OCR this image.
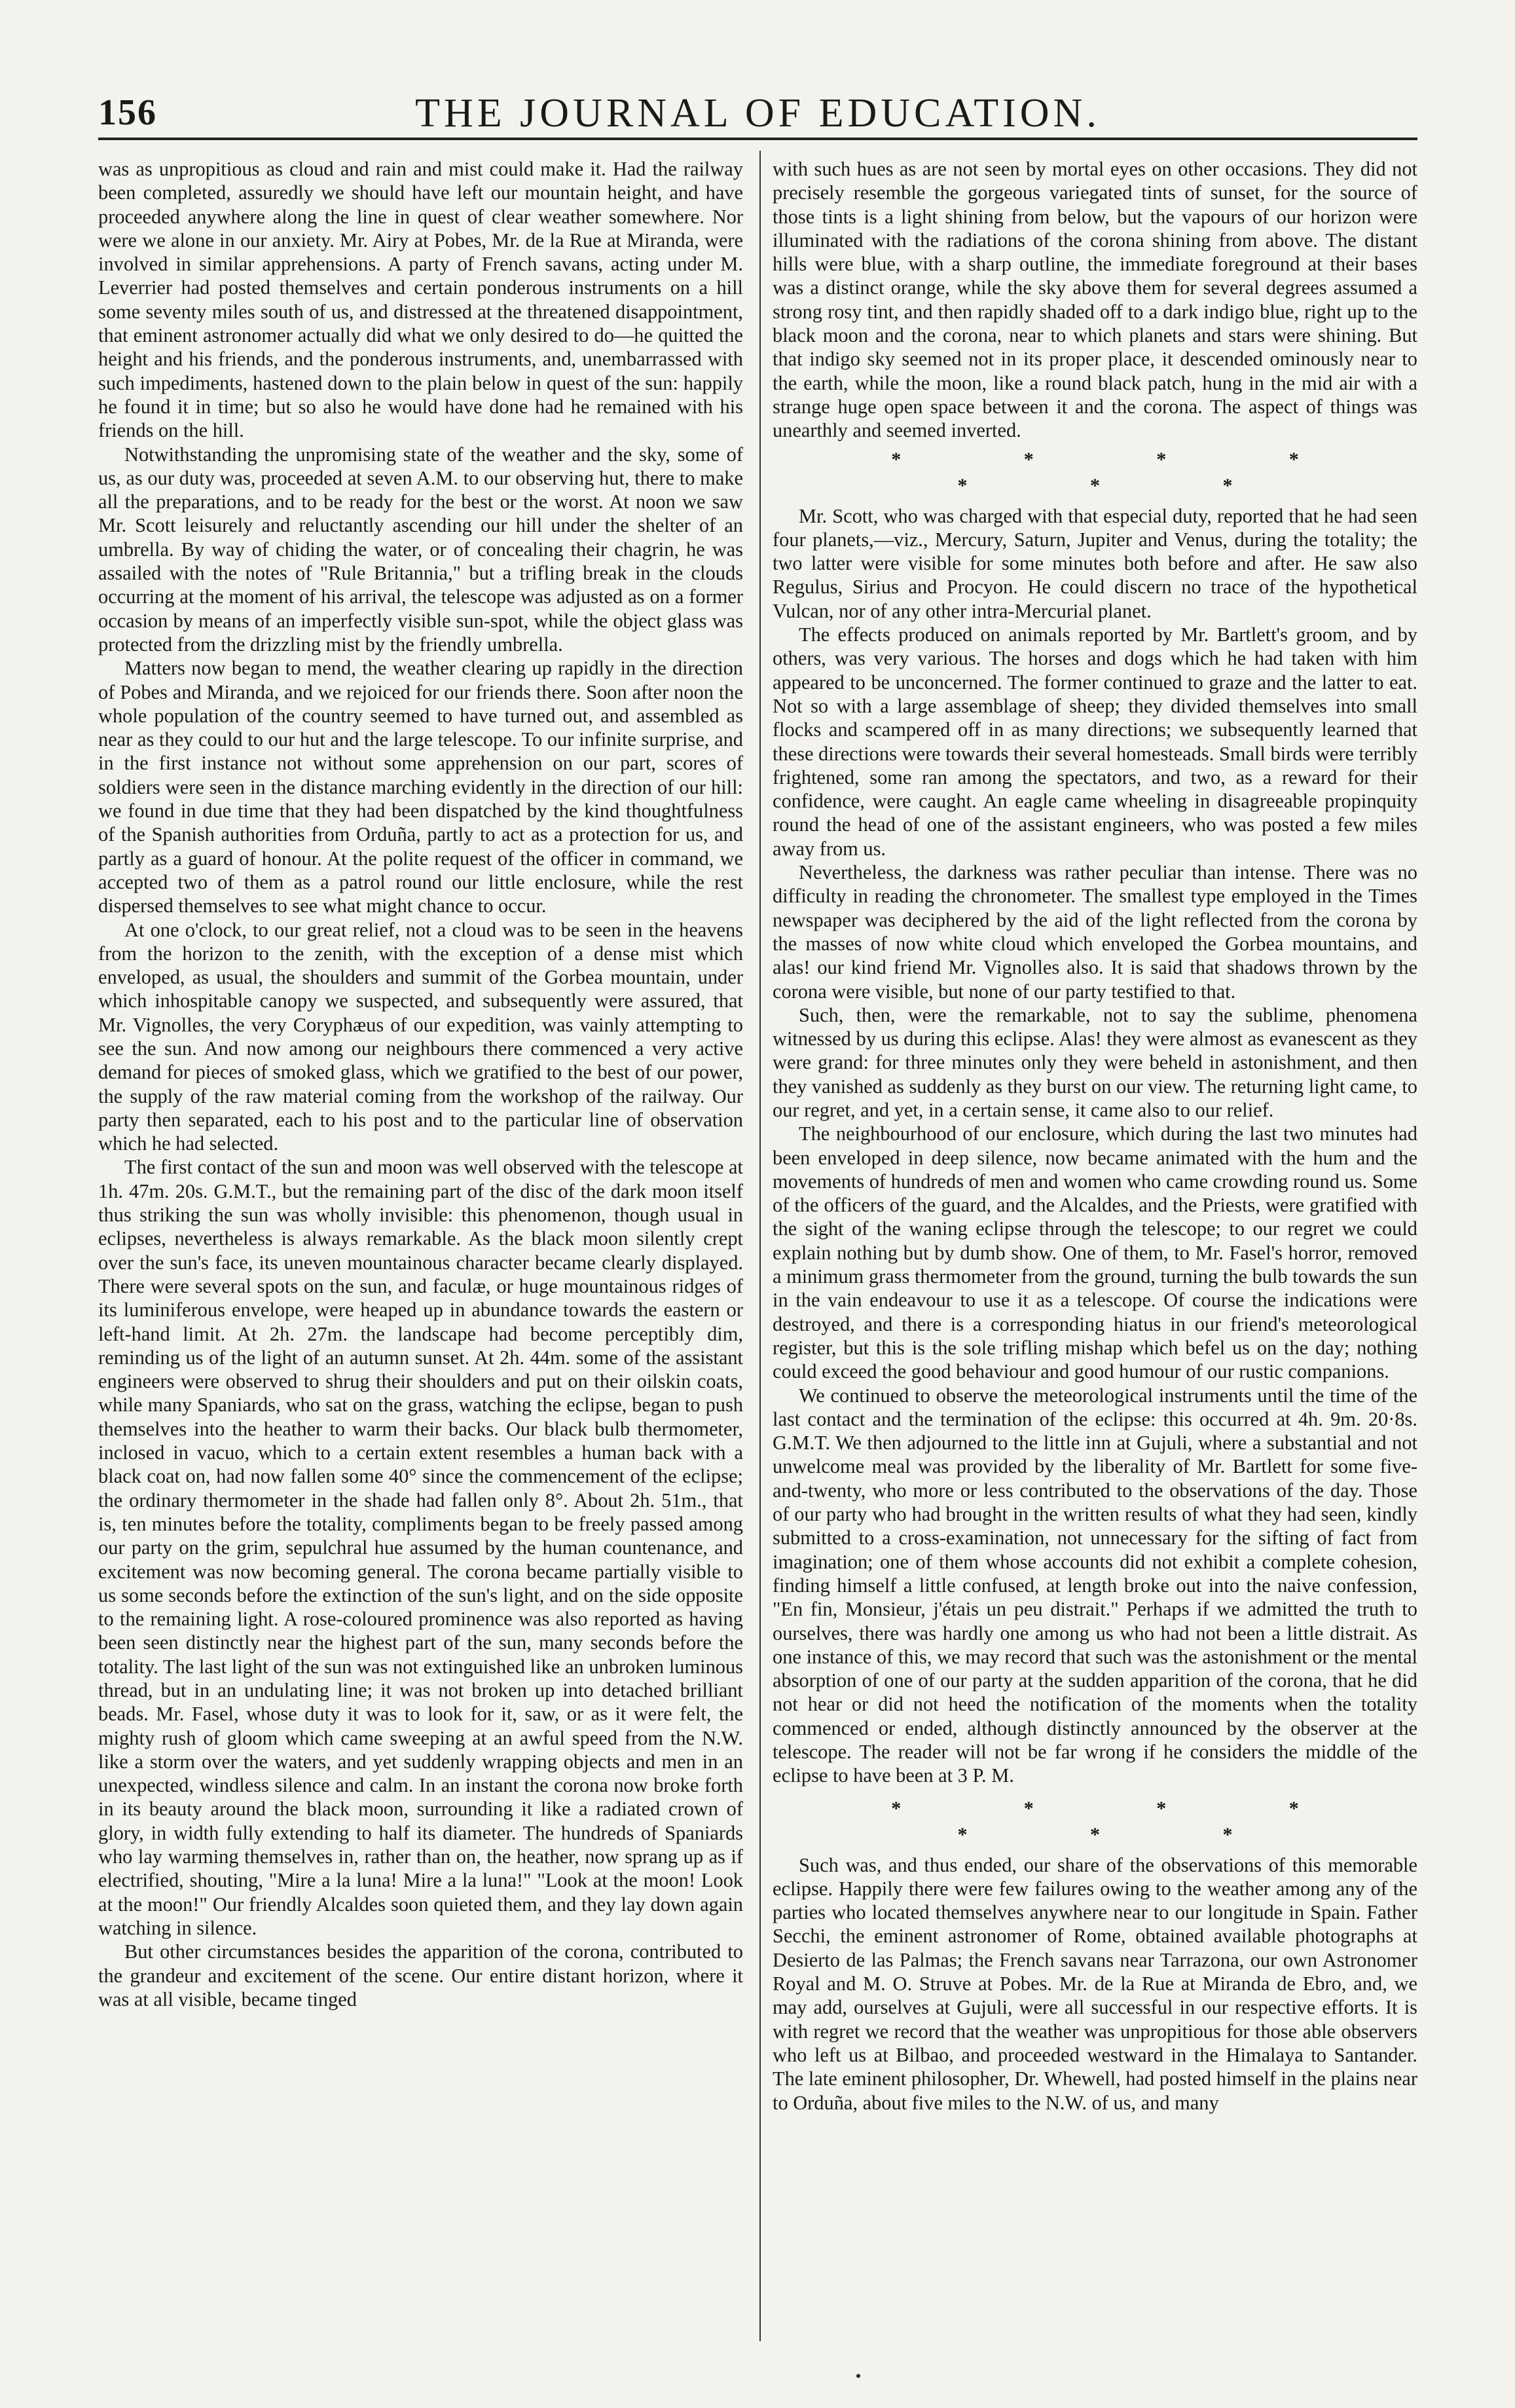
156	THE JOURNAL OF EDUCATION.

was as unpropitious as cloud and rain and mist could make it. Had the railway been completed, assuredly we should have left our mountain height, and have proceeded anywhere along the line in quest of clear weather somewhere. Nor were we alone in our anxiety. Mr. Airy at Pobes, Mr. de la Rue at Miranda, were involved in similar apprehensions. A party of French savans, acting under M. Leverrier had posted themselves and certain ponderous instruments on a hill some seventy miles south of us, and distressed at the threatened disappointment, that eminent astronomer actually did what we only desired to do—he quitted the height and his friends, and the ponderous instruments, and, unembarrassed with such impediments, hastened down to the plain below in quest of the sun: happily he found it in time; but so also he would have done had he remained with his friends on the hill.

Notwithstanding the unpromising state of the weather and the sky, some of us, as our duty was, proceeded at seven A.M. to our observing hut, there to make all the preparations, and to be ready for the best or the worst. At noon we saw Mr. Scott leisurely and reluctantly ascending our hill under the shelter of an umbrella. By way of chiding the water, or of concealing their chagrin, he was assailed with the notes of "Rule Britannia," but a trifling break in the clouds occurring at the moment of his arrival, the telescope was adjusted as on a former occasion by means of an imperfectly visible sun-spot, while the object glass was protected from the drizzling mist by the friendly umbrella.

Matters now began to mend, the weather clearing up rapidly in the direction of Pobes and Miranda, and we rejoiced for our friends there. Soon after noon the whole population of the country seemed to have turned out, and assembled as near as they could to our hut and the large telescope. To our infinite surprise, and in the first instance not without some apprehension on our part, scores of soldiers were seen in the distance marching evidently in the direction of our hill: we found in due time that they had been dispatched by the kind thoughtfulness of the Spanish authorities from Orduña, partly to act as a protection for us, and partly as a guard of honour. At the polite request of the officer in command, we accepted two of them as a patrol round our little enclosure, while the rest dispersed themselves to see what might chance to occur.

At one o'clock, to our great relief, not a cloud was to be seen in the heavens from the horizon to the zenith, with the exception of a dense mist which enveloped, as usual, the shoulders and summit of the Gorbea mountain, under which inhospitable canopy we suspected, and subsequently were assured, that Mr. Vignolles, the very Coryphæus of our expedition, was vainly attempting to see the sun. And now among our neighbours there commenced a very active demand for pieces of smoked glass, which we gratified to the best of our power, the supply of the raw material coming from the workshop of the railway. Our party then separated, each to his post and to the particular line of observation which he had selected.

The first contact of the sun and moon was well observed with the telescope at 1h. 47m. 20s. G.M.T., but the remaining part of the disc of the dark moon itself thus striking the sun was wholly invisible: this phenomenon, though usual in eclipses, nevertheless is always remarkable. As the black moon silently crept over the sun's face, its uneven mountainous character became clearly displayed. There were several spots on the sun, and faculæ, or huge mountainous ridges of its luminiferous envelope, were heaped up in abundance towards the eastern or left-hand limit. At 2h. 27m. the landscape had become perceptibly dim, reminding us of the light of an autumn sunset. At 2h. 44m. some of the assistant engineers were observed to shrug their shoulders and put on their oilskin coats, while many Spaniards, who sat on the grass, watching the eclipse, began to push themselves into the heather to warm their backs. Our black bulb thermometer, inclosed in vacuo, which to a certain extent resembles a human back with a black coat on, had now fallen some 40° since the commencement of the eclipse; the ordinary thermometer in the shade had fallen only 8°. About 2h. 51m., that is, ten minutes before the totality, compliments began to be freely passed among our party on the grim, sepulchral hue assumed by the human countenance, and excitement was now becoming general. The corona became partially visible to us some seconds before the extinction of the sun's light, and on the side opposite to the remaining light. A rose-coloured prominence was also reported as having been seen distinctly near the highest part of the sun, many seconds before the totality. The last light of the sun was not extinguished like an unbroken luminous thread, but in an undulating line; it was not broken up into detached brilliant beads. Mr. Fasel, whose duty it was to look for it, saw, or as it were felt, the mighty rush of gloom which came sweeping at an awful speed from the N.W. like a storm over the waters, and yet suddenly wrapping objects and men in an unexpected, windless silence and calm. In an instant the corona now broke forth in its beauty around the black moon, surrounding it like a radiated crown of glory, in width fully extending to half its diameter. The hundreds of Spaniards who lay warming themselves in, rather than on, the heather, now sprang up as if electrified, shouting, "Mire a la luna! Mire a la luna!" "Look at the moon! Look at the moon!" Our friendly Alcaldes soon quieted them, and they lay down again watching in silence.

But other circumstances besides the apparition of the corona, contributed to the grandeur and excitement of the scene. Our entire distant horizon, where it was at all visible, became tinged

with such hues as are not seen by mortal eyes on other occasions. They did not precisely resemble the gorgeous variegated tints of sunset, for the source of those tints is a light shining from below, but the vapours of our horizon were illuminated with the radiations of the corona shining from above. The distant hills were blue, with a sharp outline, the immediate foreground at their bases was a distinct orange, while the sky above them for several degrees assumed a strong rosy tint, and then rapidly shaded off to a dark indigo blue, right up to the black moon and the corona, near to which planets and stars were shining. But that indigo sky seemed not in its proper place, it descended ominously near to the earth, while the moon, like a round black patch, hung in the mid air with a strange huge open space between it and the corona. The aspect of things was unearthly and seemed inverted.

* * * * * * *

Mr. Scott, who was charged with that especial duty, reported that he had seen four planets,—viz., Mercury, Saturn, Jupiter and Venus, during the totality; the two latter were visible for some minutes both before and after. He saw also Regulus, Sirius and Procyon. He could discern no trace of the hypothetical Vulcan, nor of any other intra-Mercurial planet.

The effects produced on animals reported by Mr. Bartlett's groom, and by others, was very various. The horses and dogs which he had taken with him appeared to be unconcerned. The former continued to graze and the latter to eat. Not so with a large assemblage of sheep; they divided themselves into small flocks and scampered off in as many directions; we subsequently learned that these directions were towards their several homesteads. Small birds were terribly frightened, some ran among the spectators, and two, as a reward for their confidence, were caught. An eagle came wheeling in disagreeable propinquity round the head of one of the assistant engineers, who was posted a few miles away from us.

Nevertheless, the darkness was rather peculiar than intense. There was no difficulty in reading the chronometer. The smallest type employed in the Times newspaper was deciphered by the aid of the light reflected from the corona by the masses of now white cloud which enveloped the Gorbea mountains, and alas! our kind friend Mr. Vignolles also. It is said that shadows thrown by the corona were visible, but none of our party testified to that.

Such, then, were the remarkable, not to say the sublime, phenomena witnessed by us during this eclipse. Alas! they were almost as evanescent as they were grand: for three minutes only they were beheld in astonishment, and then they vanished as suddenly as they burst on our view. The returning light came, to our regret, and yet, in a certain sense, it came also to our relief.

The neighbourhood of our enclosure, which during the last two minutes had been enveloped in deep silence, now became animated with the hum and the movements of hundreds of men and women who came crowding round us. Some of the officers of the guard, and the Alcaldes, and the Priests, were gratified with the sight of the waning eclipse through the telescope; to our regret we could explain nothing but by dumb show. One of them, to Mr. Fasel's horror, removed a minimum grass thermometer from the ground, turning the bulb towards the sun in the vain endeavour to use it as a telescope. Of course the indications were destroyed, and there is a corresponding hiatus in our friend's meteorological register, but this is the sole trifling mishap which befel us on the day; nothing could exceed the good behaviour and good humour of our rustic companions.

We continued to observe the meteorological instruments until the time of the last contact and the termination of the eclipse: this occurred at 4h. 9m. 20·8s. G.M.T. We then adjourned to the little inn at Gujuli, where a substantial and not unwelcome meal was provided by the liberality of Mr. Bartlett for some five-and-twenty, who more or less contributed to the observations of the day. Those of our party who had brought in the written results of what they had seen, kindly submitted to a cross-examination, not unnecessary for the sifting of fact from imagination; one of them whose accounts did not exhibit a complete cohesion, finding himself a little confused, at length broke out into the naive confession, "En fin, Monsieur, j'étais un peu distrait." Perhaps if we admitted the truth to ourselves, there was hardly one among us who had not been a little distrait. As one instance of this, we may record that such was the astonishment or the mental absorption of one of our party at the sudden apparition of the corona, that he did not hear or did not heed the notification of the moments when the totality commenced or ended, although distinctly announced by the observer at the telescope. The reader will not be far wrong if he considers the middle of the eclipse to have been at 3 P. M.

* * * * * * *

Such was, and thus ended, our share of the observations of this memorable eclipse. Happily there were few failures owing to the weather among any of the parties who located themselves anywhere near to our longitude in Spain. Father Secchi, the eminent astronomer of Rome, obtained available photographs at Desierto de las Palmas; the French savans near Tarrazona, our own Astronomer Royal and M. O. Struve at Pobes. Mr. de la Rue at Miranda de Ebro, and, we may add, ourselves at Gujuli, were all successful in our respective efforts. It is with regret we record that the weather was unpropitious for those able observers who left us at Bilbao, and proceeded westward in the Himalaya to Santander. The late eminent philosopher, Dr. Whewell, had posted himself in the plains near to Orduña, about five miles to the N.W. of us, and many
